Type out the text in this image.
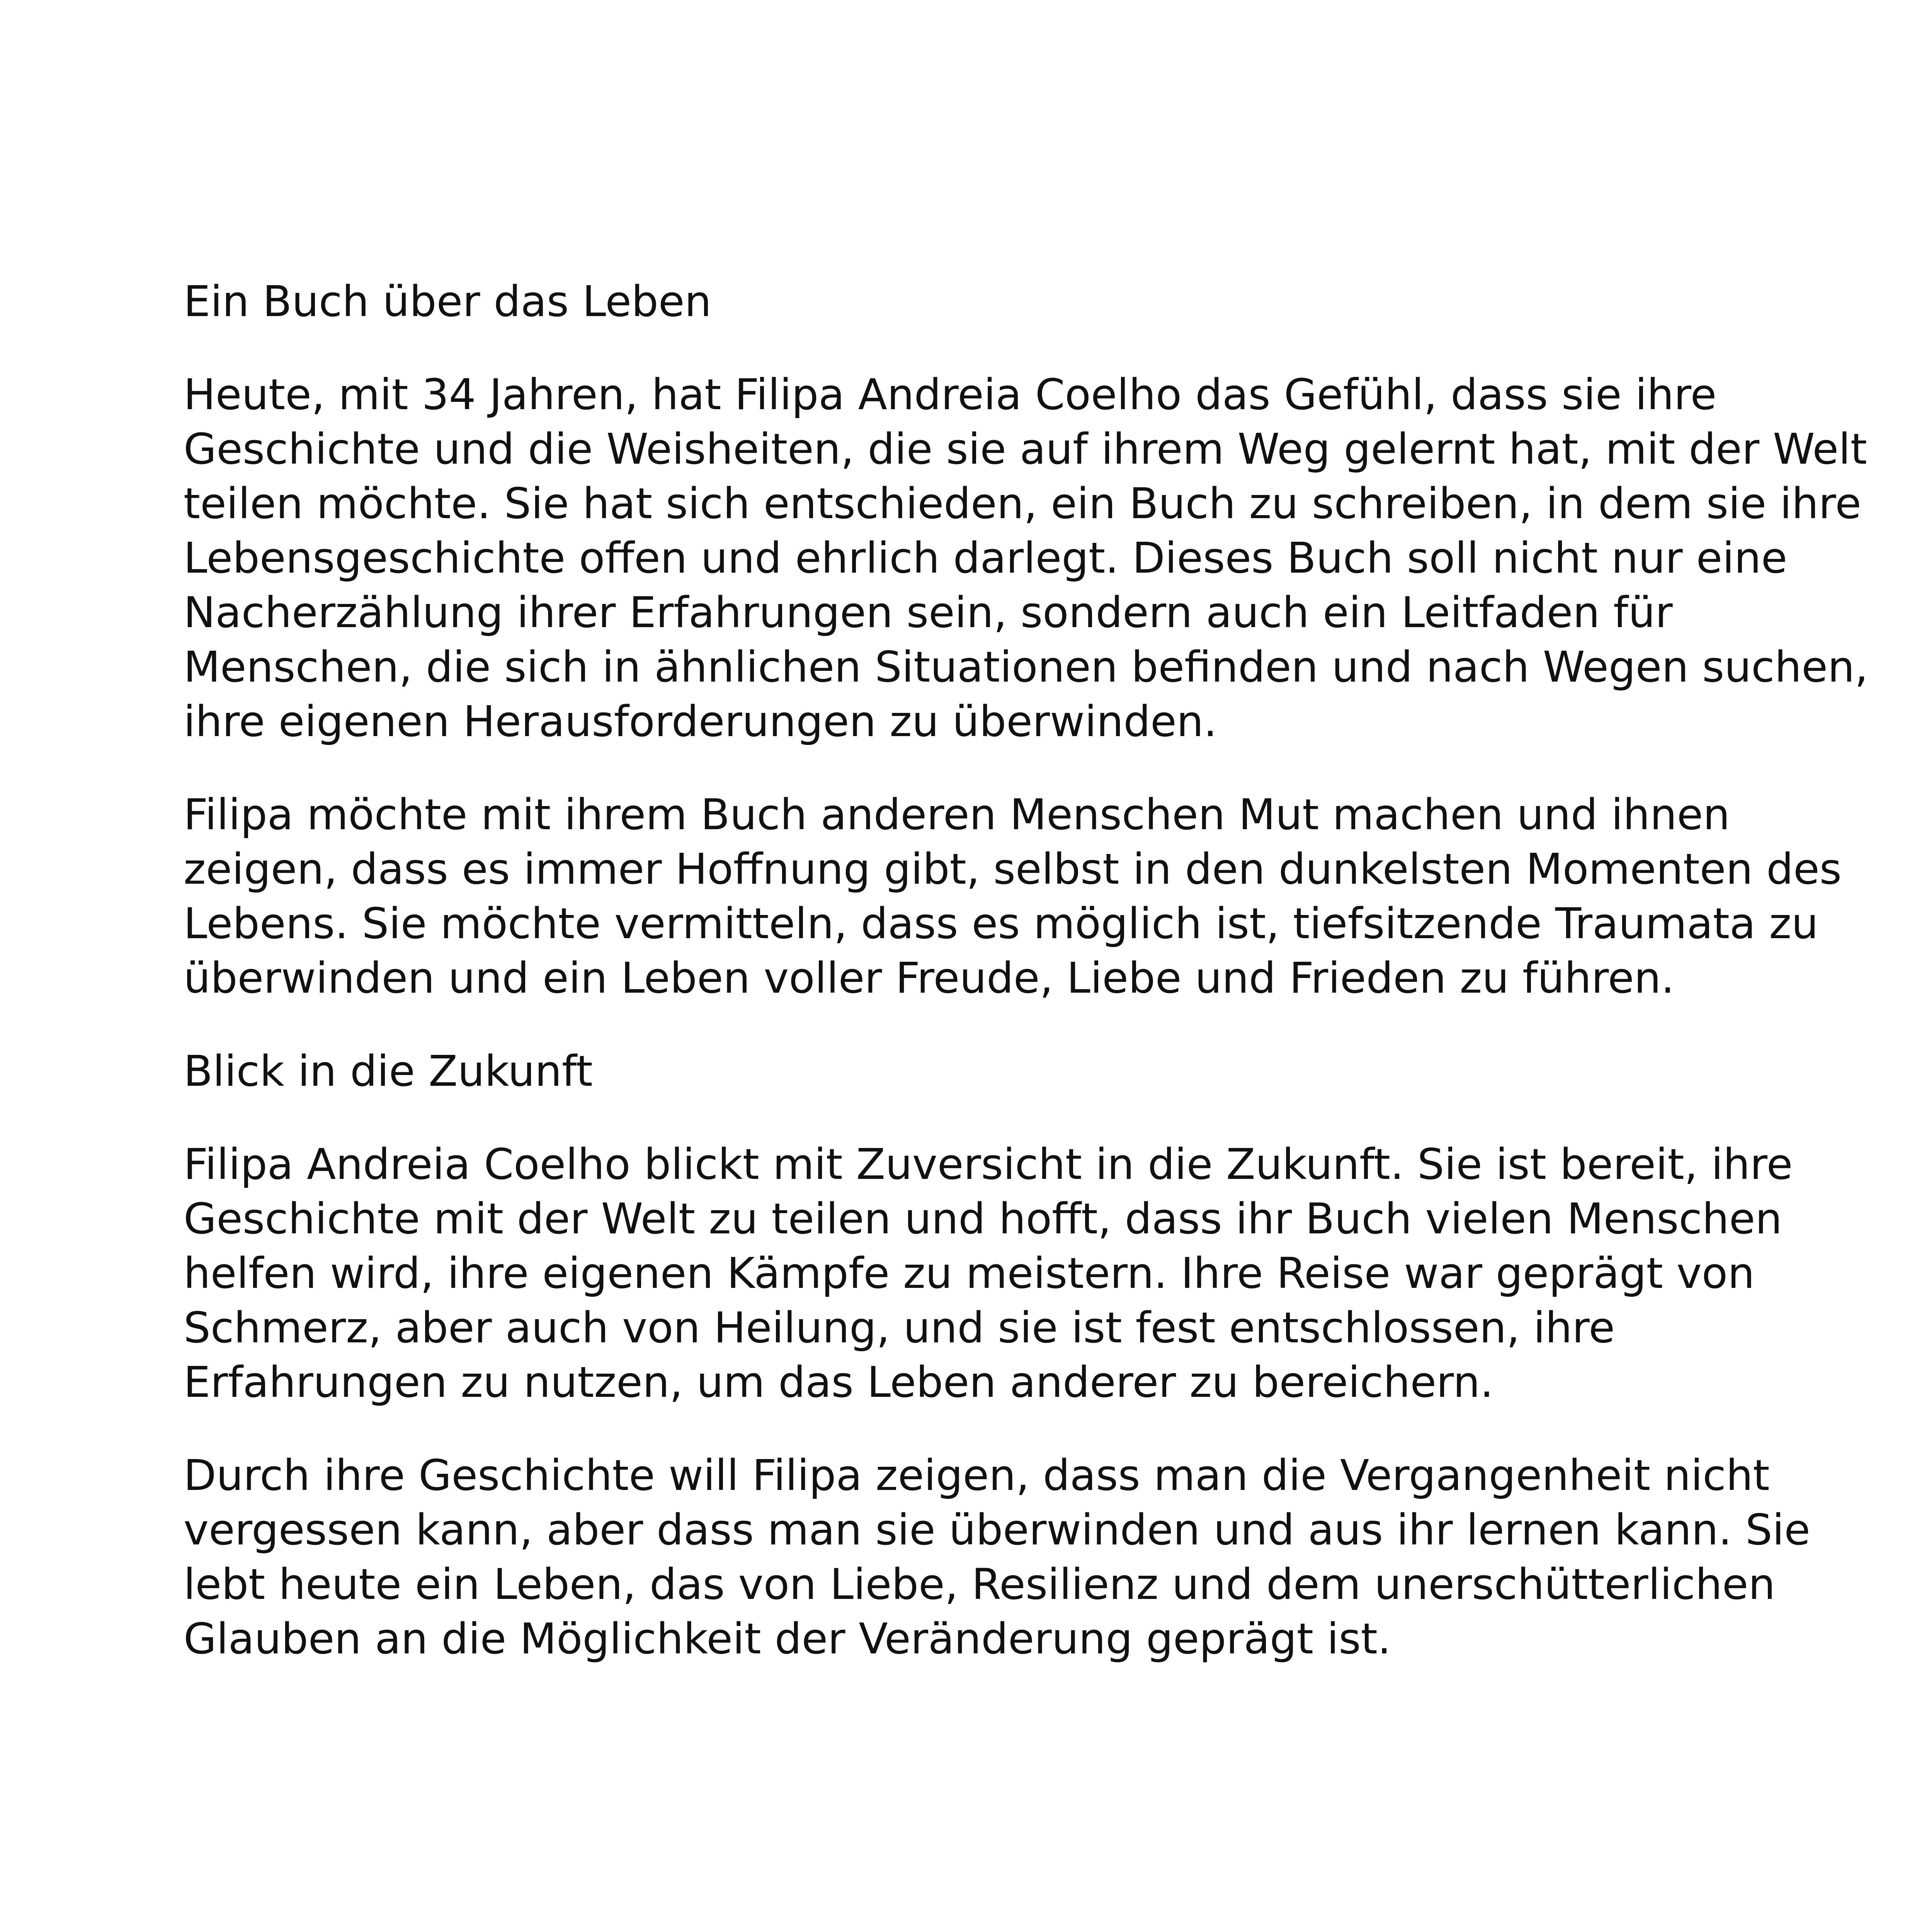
Ein Buch über das Leben
Heute, mit 34 Jahren, hat Filipa Andreia Coelho das Gefühl, dass sie ihre
Geschichte und die Weisheiten, die sie auf ihrem Weg gelernt hat, mit der Welt
teilen möchte. Sie hat sich entschieden, ein Buch zu schreiben, in dem sie ihre
Lebensgeschichte offen und ehrlich darlegt. Dieses Buch soll nicht nur eine
Nacherzählung ihrer Erfahrungen sein, sondern auch ein Leitfaden für
Menschen, die sich in ähnlichen Situationen befinden und nach Wegen suchen,
ihre eigenen Herausforderungen zu überwinden.
Filipa möchte mit ihrem Buch anderen Menschen Mut machen und ihnen
zeigen, dass es immer Hoffnung gibt, selbst in den dunkelsten Momenten des
Lebens. Sie möchte vermitteln, dass es möglich ist, tiefsitzende Traumata zu
überwinden und ein Leben voller Freude, Liebe und Frieden zu führen.
Blick in die Zukunft
Filipa Andreia Coelho blickt mit Zuversicht in die Zukunft. Sie ist bereit, ihre
Geschichte mit der Welt zu teilen und hofft, dass ihr Buch vielen Menschen
helfen wird, ihre eigenen Kämpfe zu meistern. Ihre Reise war geprägt von
Schmerz, aber auch von Heilung, und sie ist fest entschlossen, ihre
Erfahrungen zu nutzen, um das Leben anderer zu bereichern.
Durch ihre Geschichte will Filipa zeigen, dass man die Vergangenheit nicht
vergessen kann, aber dass man sie überwinden und aus ihr lernen kann. Sie
lebt heute ein Leben, das von Liebe, Resilienz und dem unerschütterlichen
Glauben an die Möglichkeit der Veränderung geprägt ist.
